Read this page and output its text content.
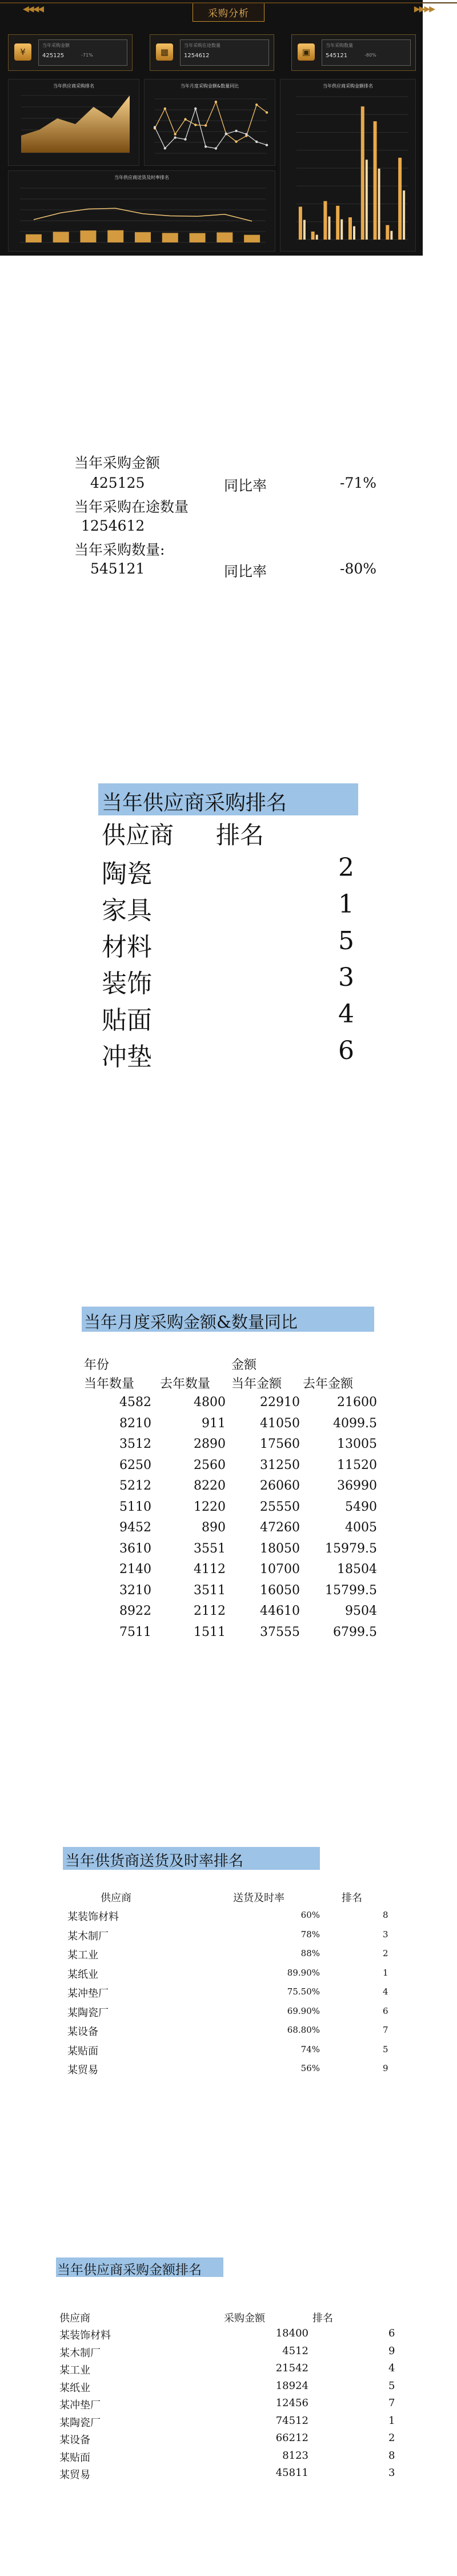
◀◀◀◀	▶▶▶▶
采购分析
¥
当年采购金额
425125	-71%	▦
当年采购在途数量
1254612	▣
当年采购数量
545121	-80%
当年供应商采购排名	当年月度采购金额&数量同比	当年供应商采购金额排名
当年供应商送货及时率排名
当年采购金额
425125	同比率	-71%
当年采购在途数量
1254612
当年采购数量:
545121	同比率	-80%
当年供应商采购排名
供应商 排名
陶瓷	2
家具	1
材料	5
装饰	3
贴面	4
冲垫	6
当年月度采购金额&数量同比
年份	金额
当年数量 去年数量 当年金额 去年金额
4582	4800	22910	21600
8210	911	41050	4099.5
3512	2890	17560	13005
6250	2560	31250	11520
5212	8220	26060	36990
5110	1220	25550	5490
9452	890	47260	4005
3610	3551	18050	15979.5
2140	4112	10700	18504
3210	3511	16050	15799.5
8922	2112	44610	9504
7511	1511	37555	6799.5
当年供货商送货及时率排名
供应商	送货及时率	排名
某装饰材料	60%	8
某木制厂	78%	3
某工业	88%	2
某纸业	89.90%	1
某冲垫厂	75.50%	4
某陶瓷厂	69.90%	6
某设备	68.80%	7
某贴面	74%	5
某贸易	56%	9
当年供应商采购金额排名
供应商	采购金额	排名
某装饰材料	18400	6
某木制厂	4512	9
某工业	21542	4
某纸业	18924	5
某冲垫厂	12456	7
某陶瓷厂	74512	1
某设备	66212	2
某贴面	8123	8
某贸易	45811	3
